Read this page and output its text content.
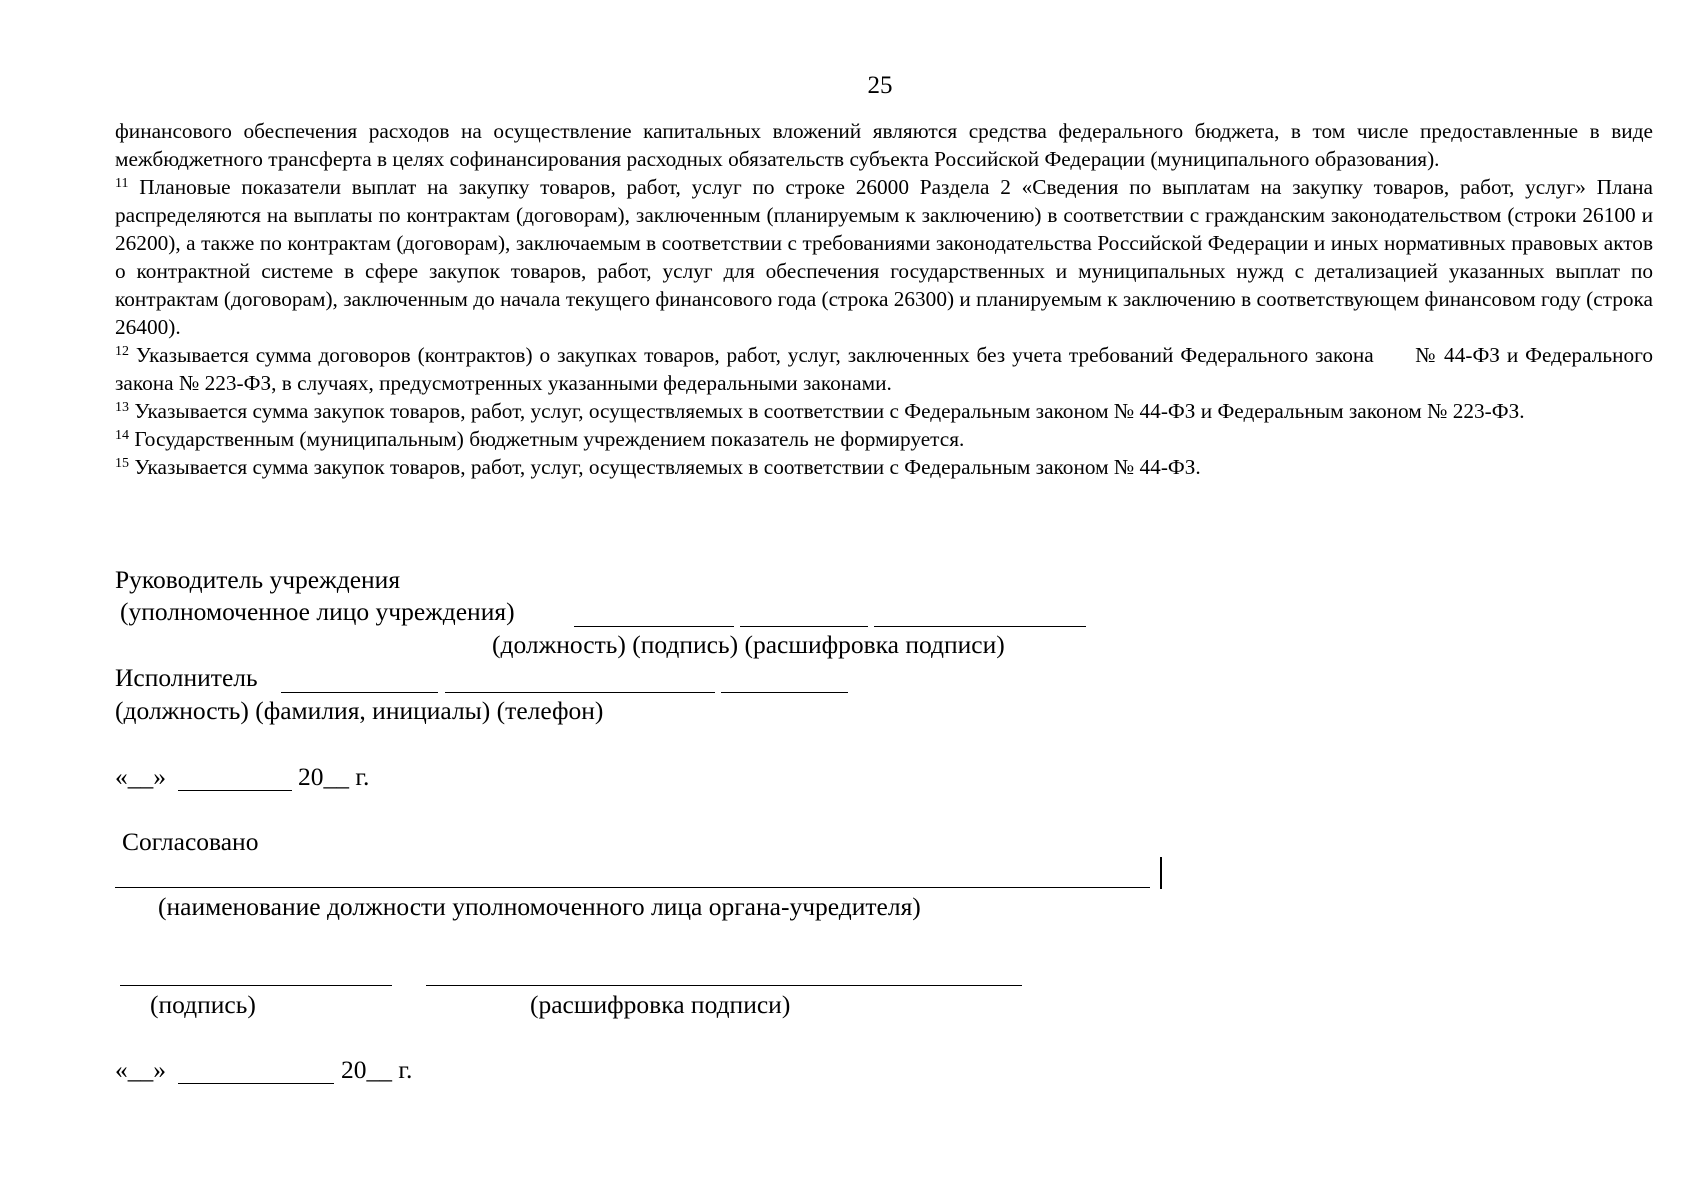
25

финансового обеспечения расходов на осуществление капитальных вложений являются средства федерального бюджета, в том числе предоставленные в виде межбюджетного трансферта в целях софинансирования расходных обязательств субъекта Российской Федерации (муниципального образования).

$^{11}$ Плановые показатели выплат на закупку товаров, работ, услуг по строке 26000 Раздела 2 «Сведения по выплатам на закупку товаров, работ, услуг» Плана распределяются на выплаты по контрактам (договорам), заключенным (планируемым к заключению) в соответствии с гражданским законодательством (строки 26100 и 26200), а также по контрактам (договорам), заключаемым в соответствии с требованиями законодательства Российской Федерации и иных нормативных правовых актов о контрактной системе в сфере закупок товаров, работ, услуг для обеспечения государственных и муниципальных нужд с детализацией указанных выплат по контрактам (договорам), заключенным до начала текущего финансового года (строка 26300) и планируемым к заключению в соответствующем финансовом году (строка 26400).

$^{12}$ Указывается сумма договоров (контрактов) о закупках товаров, работ, услуг, заключенных без учета требований Федерального закона      № 44-ФЗ и Федерального закона № 223-ФЗ, в случаях, предусмотренных указанными федеральными законами.

$^{13}$ Указывается сумма закупок товаров, работ, услуг, осуществляемых в соответствии с Федеральным законом № 44-ФЗ и Федеральным законом № 223-ФЗ.

$^{14}$ Государственным (муниципальным) бюджетным учреждением показатель не формируется.

$^{15}$ Указывается сумма закупок товаров, работ, услуг, осуществляемых в соответствии с Федеральным законом № 44-ФЗ.

Руководитель учреждения
(уполномоченное лицо учреждения)
(должность) (подпись) (расшифровка подписи)
Исполнитель
(должность) (фамилия, инициалы) (телефон)
«__»	20__ г.
Согласовано
(наименование должности уполномоченного лица органа-учредителя)
(подпись)	(расшифровка подписи)
«__»	20__ г.
